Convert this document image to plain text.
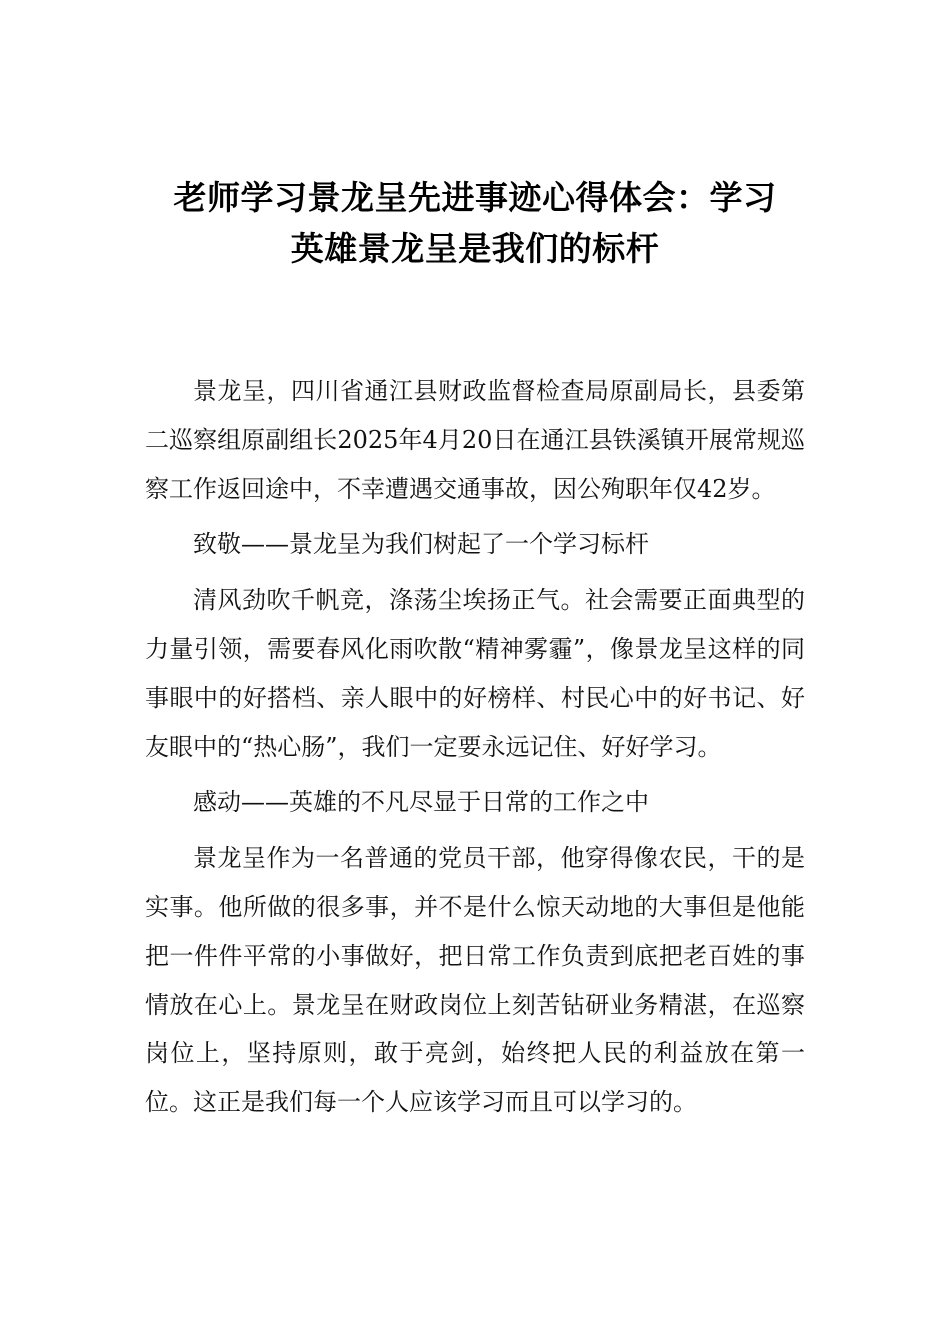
老师学习景龙呈先进事迹心得体会：学习
英雄景龙呈是我们的标杆

景龙呈，四川省通江县财政监督检查局原副局长，县委第二巡察组原副组长2025年4月20日在通江县铁溪镇开展常规巡察工作返回途中，不幸遭遇交通事故，因公殉职年仅42岁。

致敬——景龙呈为我们树起了一个学习标杆

清风劲吹千帆竞，涤荡尘埃扬正气。社会需要正面典型的力量引领，需要春风化雨吹散“精神雾霾”，像景龙呈这样的同事眼中的好搭档、亲人眼中的好榜样、村民心中的好书记、好友眼中的“热心肠”，我们一定要永远记住、好好学习。

感动——英雄的不凡尽显于日常的工作之中

景龙呈作为一名普通的党员干部，他穿得像农民，干的是实事。他所做的很多事，并不是什么惊天动地的大事但是他能把一件件平常的小事做好，把日常工作负责到底把老百姓的事情放在心上。景龙呈在财政岗位上刻苦钻研业务精湛，在巡察岗位上，坚持原则，敢于亮剑，始终把人民的利益放在第一位。这正是我们每一个人应该学习而且可以学习的。
